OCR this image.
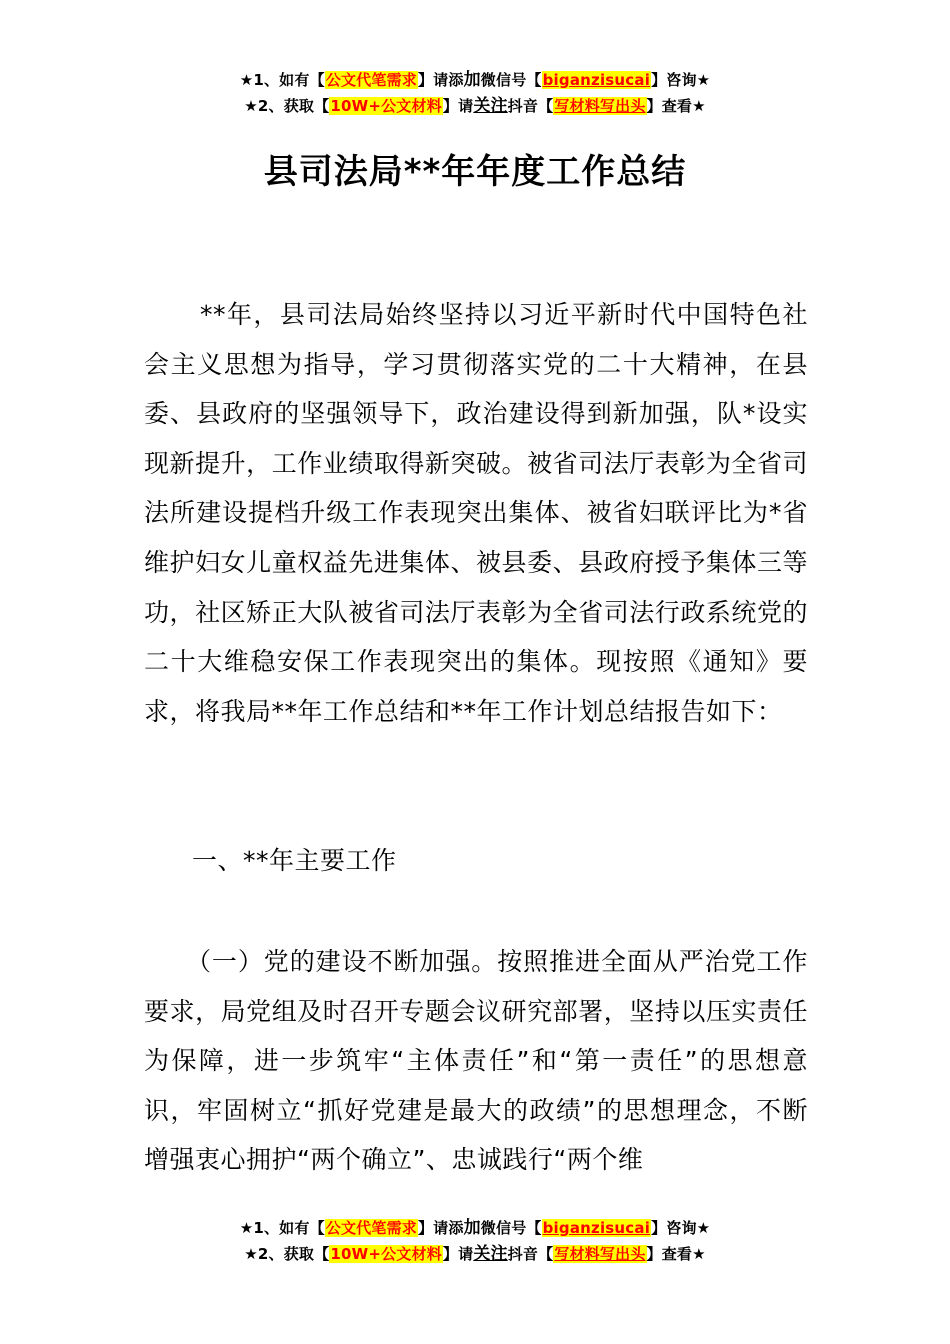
★1、如有【公文代笔需求】请添加微信号【biganzisucai】咨询★
★2、获取【10W+公文材料】请关注抖音【写材料写出头】查看★
县司法局**年年度工作总结
**年，县司法局始终坚持以习近平新时代中国特色社会主义思想为指导，学习贯彻落实党的二十大精神，在县委、县政府的坚强领导下，政治建设得到新加强，队*设实现新提升，工作业绩取得新突破。被省司法厅表彰为全省司法所建设提档升级工作表现突出集体、被省妇联评比为*省维护妇女儿童权益先进集体、被县委、县政府授予集体三等功，社区矫正大队被省司法厅表彰为全省司法行政系统党的二十大维稳安保工作表现突出的集体。现按照《通知》要求，将我局**年工作总结和**年工作计划总结报告如下：
一、**年主要工作
（一）党的建设不断加强。按照推进全面从严治党工作要求，局党组及时召开专题会议研究部署，坚持以压实责任为保障，进一步筑牢“主体责任”和“第一责任”的思想意识，牢固树立“抓好党建是最大的政绩”的思想理念，不断增强衷心拥护“两个确立”、忠诚践行“两个维
★1、如有【公文代笔需求】请添加微信号【biganzisucai】咨询★
★2、获取【10W+公文材料】请关注抖音【写材料写出头】查看★
